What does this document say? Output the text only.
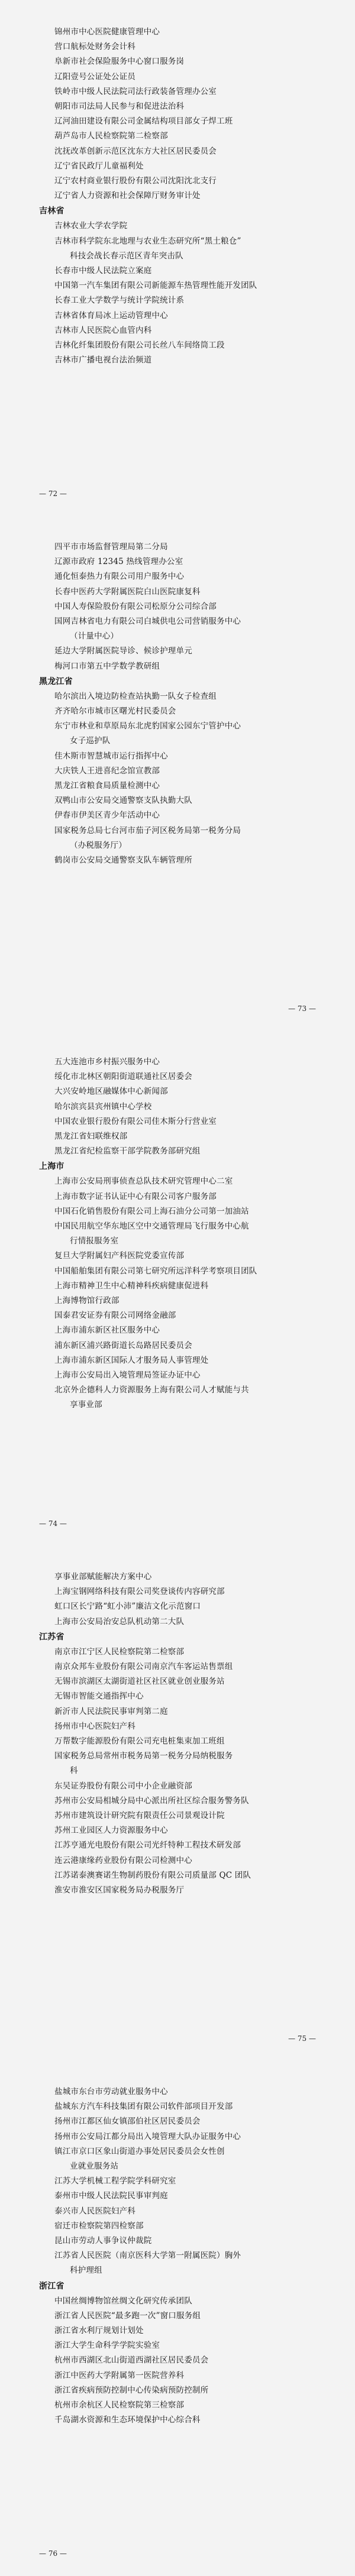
锦州市中心医院健康管理中心
营口航标处财务会计科
阜新市社会保险服务中心窗口服务岗
辽阳壹号公证处公证员
铁岭市中级人民法院司法行政装备管理办公室
朝阳市司法局人民参与和促进法治科
辽河油田建设有限公司金属结构项目部女子焊工班
葫芦岛市人民检察院第二检察部
沈抚改革创新示范区沈东方大社区居民委员会
辽宁省民政厅儿童福利处
辽宁农村商业银行股份有限公司沈阳沈北支行
辽宁省人力资源和社会保障厅财务审计处
吉林省
吉林农业大学农学院
吉林市科学院东北地理与农业生态研究所“黑土粮仓”
科技会战长春示范区青年突击队
长春市中级人民法院立案庭
中国第一汽车集团有限公司新能源车热管理性能开发团队
长春工业大学数学与统计学院统计系
吉林省体育局冰上运动管理中心
吉林市人民医院心血管内科
吉林化纤集团股份有限公司长丝八车间络筒工段
吉林市广播电视台法治频道
— 72 —
四平市市场监督管理局第二分局
辽源市政府 12345 热线管理办公室
通化恒泰热力有限公司用户服务中心
长春中医药大学附属医院白山医院康复科
中国人寿保险股份有限公司松原分公司综合部
国网吉林省电力有限公司白城供电公司营销服务中心
（计量中心）
延边大学附属医院导诊、候诊护理单元
梅河口市第五中学数学教研组
黑龙江省
哈尔滨出入境边防检查站执勤一队女子检查组
齐齐哈尔市城市区曙光村民委员会
东宁市林业和草原局东北虎豹国家公园东宁管护中心
女子巡护队
佳木斯市智慧城市运行指挥中心
大庆铁人王进喜纪念馆宣教部
黑龙江省粮食局质量检测中心
双鸭山市公安局交通警察支队执勤大队
伊春市伊美区青少年活动中心
国家税务总局七台河市茄子河区税务局第一税务分局
（办税服务厅）
鹤岗市公安局交通警察支队车辆管理所
— 73 —
五大连池市乡村振兴服务中心
绥化市北林区朝阳街道联通社区居委会
大兴安岭地区融媒体中心新闻部
哈尔滨宾县宾州镇中心学校
中国农业银行股份有限公司佳木斯分行营业室
黑龙江省妇联维权部
黑龙江省纪检监察干部学院教务部研究组
上海市
上海市公安局刑事侦查总队技术研究管理中心二室
上海市数字证书认证中心有限公司客户服务部
中国石化销售股份有限公司上海石油分公司第一加油站
中国民用航空华东地区空中交通管理局飞行服务中心航
行情报服务室
复旦大学附属妇产科医院党委宣传部
中国船舶集团有限公司第七研究所远洋科学考察项目团队
上海市精神卫生中心精神科疾病健康促进科
上海博物馆行政部
国泰君安证券有限公司网络金融部
上海市浦东新区社区服务中心
浦东新区浦兴路街道长岛路居民委员会
上海市浦东新区国际人才服务局人事管理处
上海市公安局出入境管理局签证办证中心
北京外企德科人力资源服务上海有限公司人才赋能与共
享事业部
— 74 —
享事业部赋能解决方案中心
上海宝钢网络科技有限公司奖登谈传内容研究部
虹口区长宁路“虹小沛”廉洁文化示范窗口
上海市公安局治安总队机动第二大队
江苏省
南京市江宁区人民检察院第二检察部
南京众邦车业股份有限公司南京汽车客运站售票组
无锡市滨湖区太湖街道社区社区就业创业服务站
无锡市智能交通指挥中心
新沂市人民法院民事审判第二庭
扬州市中心医院妇产科
万帮数字能源股份有限公司充电桩集束加工班组
国家税务总局常州市税务局第一税务分局纳税服务
科
东吴证券股份有限公司中小企业融资部
苏州市公安局相城分局中心派出所社区综合服务警务队
苏州市建筑设计研究院有限责任公司景观设计院
苏州工业园区人力资源服务中心
江苏亨通光电股份有限公司光纤特种工程技术研发部
连云港康缘药业股份有限公司检测中心
江苏诺泰澳赛诺生物制药股份有限公司质量部 QC 团队
淮安市淮安区国家税务局办税服务厅
— 75 —
盐城市东台市劳动就业服务中心
盐城东方汽车科技集团有限公司软件部项目开发部
扬州市江都区仙女镇邵伯社区居民委员会
扬州市公安局江都分局出入境管理大队办证服务中心
镇江市京口区象山街道办事处居民委员会女性创
业就业服务站
江苏大学机械工程学院学科研究室
泰州市中级人民法院民事审判庭
泰兴市人民医院妇产科
宿迁市检察院第四检察部
昆山市劳动人事争议仲裁院
江苏省人民医院（南京医科大学第一附属医院）胸外
科护理组
浙江省
中国丝绸博物馆丝绸文化研究传承团队
浙江省人民医院“最多跑一次”窗口服务组
浙江省水利厅规划计划处
浙江大学生命科学学院实验室
杭州市西湖区北山街道西湖社区居民委员会
浙江中医药大学附属第一医院营养科
浙江省疾病预防控制中心传染病预防控制所
杭州市余杭区人民检察院第三检察部
千岛湖水资源和生态环境保护中心综合科
— 76 —
